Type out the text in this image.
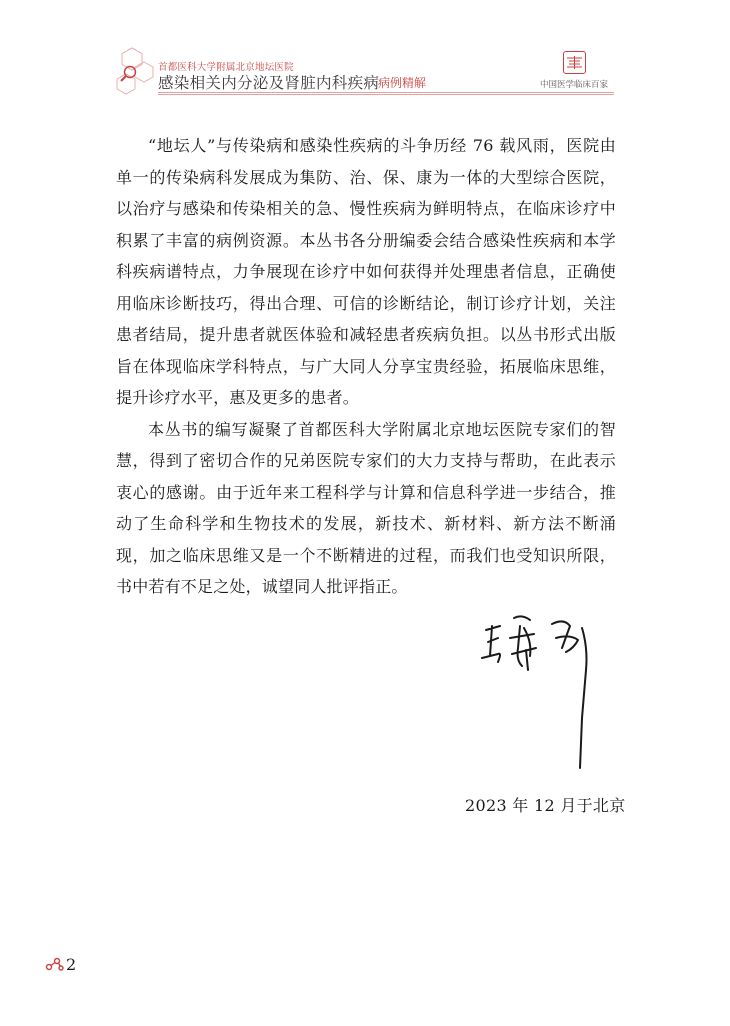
首都医科大学附属北京地坛医院
感染相关内分泌及肾脏内科疾病
病例精解	中国医学临床百家

“地坛人”与传染病和感染性疾病的斗争历经 76 载风雨，医院由单一的传染病科发展成为集防、治、保、康为一体的大型综合医院，以治疗与感染和传染相关的急、慢性疾病为鲜明特点，在临床诊疗中积累了丰富的病例资源。本丛书各分册编委会结合感染性疾病和本学科疾病谱特点，力争展现在诊疗中如何获得并处理患者信息，正确使用临床诊断技巧，得出合理、可信的诊断结论，制订诊疗计划，关注患者结局，提升患者就医体验和减轻患者疾病负担。以丛书形式出版旨在体现临床学科特点，与广大同人分享宝贵经验，拓展临床思维，提升诊疗水平，惠及更多的患者。

本丛书的编写凝聚了首都医科大学附属北京地坛医院专家们的智慧，得到了密切合作的兄弟医院专家们的大力支持与帮助，在此表示衷心的感谢。由于近年来工程科学与计算和信息科学进一步结合，推动了生命科学和生物技术的发展，新技术、新材料、新方法不断涌现，加之临床思维又是一个不断精进的过程，而我们也受知识所限，书中若有不足之处，诚望同人批评指正。

2023 年 12 月于北京
2
